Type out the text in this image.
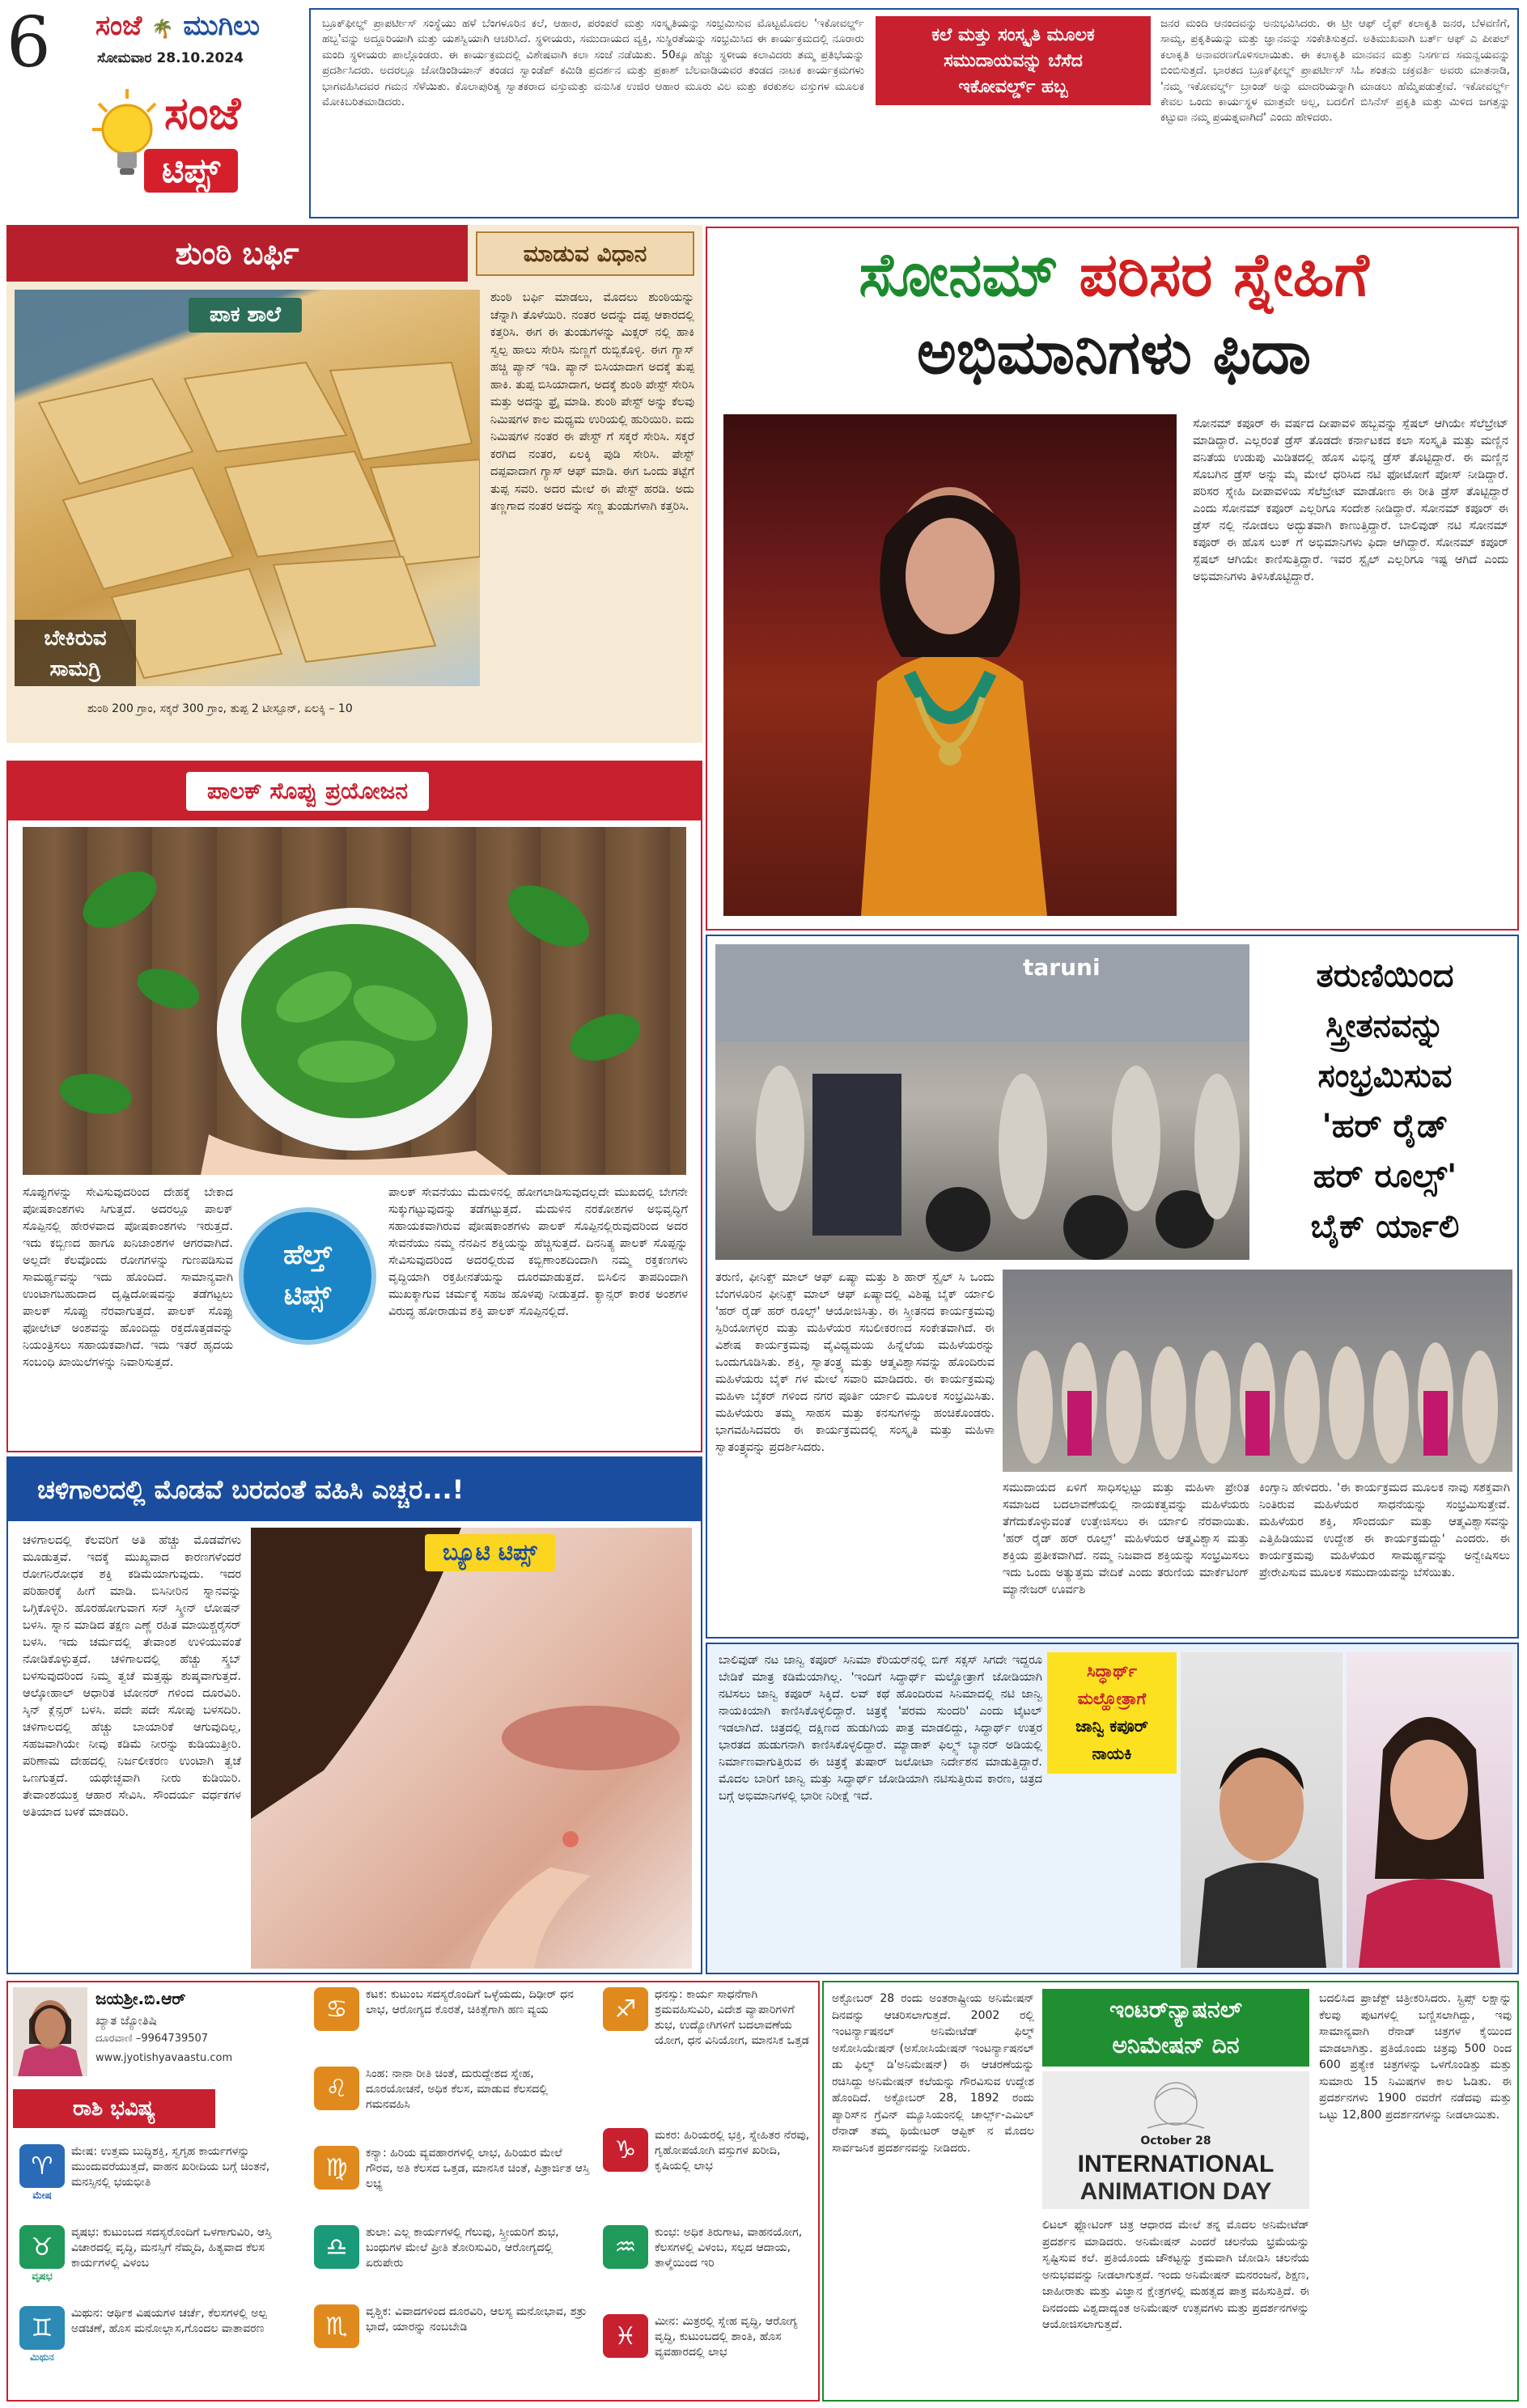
6 ಸಂಜೆ 🌴 ಮುಗಿಲು
ಸೋಮವಾರ 28.10.2024
ಸಂಜೆ
ಟಿಪ್ಸ್
ಬ್ರೂಕ್‌ಫೀಲ್ಡ್ ಪ್ರಾಪರ್ಟೀಸ್ ಸಂಸ್ಥೆಯು ಹಳೆ ಬೆಂಗಳೂರಿನ ಕಲೆ, ಆಹಾರ, ಪರಂಪರೆ ಮತ್ತು ಸಂಸ್ಕೃತಿಯನ್ನು ಸಂಭ್ರಮಿಸುವ ಮೊಟ್ಟಮೊದಲ 'ಇಕೋವರ್ಲ್ಡ್ ಹಬ್ಬ'ವನ್ನು ಅದ್ದೂರಿಯಾಗಿ ಮತ್ತು ಯಶಸ್ವಿಯಾಗಿ ಆಚರಿಸಿದೆ. ಸ್ಥಳೀಯರು, ಸಮುದಾಯದ ವ್ಯಕ್ತಿ, ಸುಸ್ಥಿರತೆಯನ್ನು ಸಂಭ್ರಮಿಸಿದ ಈ ಕಾರ್ಯಕ್ರಮದಲ್ಲಿ ನೂರಾರು ಮಂದಿ ಸ್ಥಳೀಯರು ಪಾಲ್ಗೊಂಡರು. ಈ ಕಾರ್ಯಕ್ರಮದಲ್ಲಿ ವಿಶೇಷವಾಗಿ ಕಲಾ ಸಂಜೆ ನಡೆಯಿತು. 50ಕ್ಕೂ ಹೆಚ್ಚು ಸ್ಥಳೀಯ ಕಲಾವಿದರು ತಮ್ಮ ಪ್ರತಿಭೆಯನ್ನು ಪ್ರದರ್ಶಿಸಿದರು. ಅದರಲ್ಲೂ ಜೋಡಿಂಡಿಯಾನ್ ತಂಡದ ಸ್ವಾಂಡೆಪ್ ಕಮಿಡಿ ಪ್ರದರ್ಶನ ಮತ್ತು ಪ್ರಕಾಶ್ ಬೆಲವಾಡಿಯವರ ತಂಡದ ನಾಟಕ ಕಾರ್ಯಕ್ರಮಗಳು ಭಾಗವಹಿಸಿದವರ ಗಮನ ಸೆಳೆಯಿತು. ಕೊಲಾಪುರಿತ್ಯ ಸ್ವಾತಕರಾದ ವಸ್ತುಮತ್ತು ವನುಸಿಕ ಉಜಿರ ಆಹಾರ ಮೂರು ವಿಲ ಮತ್ತು ಕರಕುಶಲ ವಸ್ತುಗಳ ಮೂಲಕ ಮೋಕಿಬರಿತಮಾಡಿದರು.
ಕಲೆ ಮತ್ತು ಸಂಸ್ಕೃತಿ ಮೂಲಕ
ಸಮುದಾಯವನ್ನು ಬೆಸೆದ
ಇಕೋವರ್ಲ್ಡ್ ಹಬ್ಬ
ಜನರ ಮಂದಿ ಆನಂದವನ್ನು ಅನುಭವಿಸಿದರು. ಈ ಟ್ರೀ ಆಫ್ ಲೈಫ್ ಕಲಾಕೃತಿ ಜನರ, ಬೆಳವಣಿಗೆ, ಸಾಮ್ಯ, ಪ್ರಕೃತಿಯನ್ನು ಮತ್ತು ಜ್ಞಾನವನ್ನು ಸಂಕೇತಿಸುತ್ತದೆ. ಅತಿಮುಖವಾಗಿ ಬರ್ತ್ ಆಫ್ ಎ ಪೀಪಲ್ ಕಲಾಕೃತಿ ಅನಾವರಣಗೊಳಿಸಲಾಯಿತು. ಈ ಕಲಾಕೃತಿ ಮಾನವನ ಮತ್ತು ನಿಸರ್ಗದ ಸಮನ್ವಯವನ್ನು ಬಿಂಬಿಸುತ್ತದೆ. ಭಾರತದ ಬ್ರೂಕ್‌ಫೀಲ್ಡ್ ಪ್ರಾಪರ್ಟೀಸ್ ಸಿಓ ಶಂತನು ಚಕ್ರವರ್ತಿ ಅವರು ಮಾತನಾಡಿ, 'ನಮ್ಮ ಇಕೋವರ್ಲ್ಡ್ ಬ್ರಾಂಡ್ ಅನ್ನು ಮಾದರಿಯನ್ನಾಗಿ ಮಾಡಲು ಹೆಮ್ಮೆಪಡುತ್ತೇವೆ. ಇಕೋವರ್ಲ್ಡ್ ಕೇವಲ ಒಂದು ಕಾರ್ಯಸ್ಥಳ ಮಾತ್ರವೇ ಅಲ್ಲ, ಬದಲಿಗೆ ಬಿಸಿನೆಸ್ ಪ್ರಕೃತಿ ಮತ್ತು ಮಿಳಿದ ಜಗತ್ತನ್ನು ಕಟ್ಟುವಾ ನಮ್ಮ ಪ್ರಯತ್ನವಾಗಿದೆ' ಎಂದು ಹೇಳಿದರು.
ಶುಂಠಿ ಬರ್ಫಿ	ಮಾಡುವ ವಿಧಾನ
ಪಾಕ ಶಾಲೆ
ಬೇಕಿರುವ
ಸಾಮಗ್ರಿ
ಶುಂಠಿ 200 ಗ್ರಾಂ, ಸಕ್ಕರೆ 300 ಗ್ರಾಂ, ತುಪ್ಪ 2 ಟೀಸ್ಪೂನ್, ಏಲಕ್ಕಿ – 10
ಶುಂಠಿ ಬರ್ಫಿ ಮಾಡಲು, ಮೊದಲು ಶುಂಠಿಯನ್ನು ಚೆನ್ನಾಗಿ ತೊಳೆಯಿರಿ. ನಂತರ ಅದನ್ನು ದಪ್ಪ ಆಕಾರದಲ್ಲಿ ಕತ್ತರಿಸಿ. ಈಗ ಈ ತುಂಡುಗಳನ್ನು ಮಿಕ್ಸರ್ ನಲ್ಲಿ ಹಾಕಿ ಸ್ವಲ್ಪ ಹಾಲು ಸೇರಿಸಿ ನುಣ್ಣಗೆ ರುಬ್ಬಿಕೊಳ್ಳಿ. ಈಗ ಗ್ಯಾಸ್ ಹಚ್ಚಿ ಪ್ಯಾನ್ ಇಡಿ. ಪ್ಯಾನ್ ಬಿಸಿಯಾದಾಗ ಅದಕ್ಕೆ ತುಪ್ಪ ಹಾಕಿ. ತುಪ್ಪ ಬಿಸಿಯಾದಾಗ, ಅದಕ್ಕೆ ಶುಂಠಿ ಪೇಸ್ಟ್ ಸೇರಿಸಿ ಮತ್ತು ಅದನ್ನು ಫ್ರೈ ಮಾಡಿ. ಶುಂಠಿ ಪೇಸ್ಟ್ ಅನ್ನು ಕೆಲವು ನಿಮಿಷಗಳ ಕಾಲ ಮಧ್ಯಮ ಉರಿಯಲ್ಲಿ ಹುರಿಯಿರಿ. ಐದು ನಿಮಿಷಗಳ ನಂತರ ಈ ಪೇಸ್ಟ್ ಗೆ ಸಕ್ಕರೆ ಸೇರಿಸಿ. ಸಕ್ಕರೆ ಕರಗಿದ ನಂತರ, ಏಲಕ್ಕಿ ಪುಡಿ ಸೇರಿಸಿ. ಪೇಸ್ಟ್ ದಪ್ಪವಾದಾಗ ಗ್ಯಾಸ್ ಆಫ್ ಮಾಡಿ. ಈಗ ಒಂದು ತಟ್ಟೆಗೆ ತುಪ್ಪ ಸವರಿ. ಅದರ ಮೇಲೆ ಈ ಪೇಸ್ಟ್ ಹರಡಿ. ಅದು ತಣ್ಣಗಾದ ನಂತರ ಅದನ್ನು ಸಣ್ಣ ತುಂಡುಗಳಾಗಿ ಕತ್ತರಿಸಿ.
ಸೋನಮ್ ಪರಿಸರ ಸ್ನೇಹಿಗೆ
ಅಭಿಮಾನಿಗಳು ಫಿದಾ
ಸೋನಮ್ ಕಪೂರ್ ಈ ವರ್ಷದ ದೀಪಾವಳಿ ಹಬ್ಬವನ್ನು ಸ್ಪೆಷಲ್ ಆಗಿಯೇ ಸೆಲೆಬ್ರೇಟ್ ಮಾಡಿದ್ದಾರೆ. ಎಲ್ಲರಂತೆ ಡ್ರೆಸ್ ತೊಡದೇ ಕರ್ನಾಟಕದ ಕಲಾ ಸಂಸ್ಕೃತಿ ಮತ್ತು ಮಣ್ಣಿನ ವನಿತೆಯ ಉಡುಪು ಮಿಡಿತದಲ್ಲಿ ಹೊಸ ವಿಭಿನ್ನ ಡ್ರೆಸ್ ತೊಟ್ಟಿದ್ದಾರೆ. ಈ ಮಣ್ಣಿನ ಸೊಬಗಿನ ಡ್ರೆಸ್ ಅನ್ನು ಮೈ ಮೇಲೆ ಧರಿಸಿದ ನಟಿ ಫೋಟೋಗೆ ಪೋಸ್ ನೀಡಿದ್ದಾರೆ. ಪರಿಸರ ಸ್ನೇಹಿ ದೀಪಾವಳಿಯ ಸೆಲೆಬ್ರೇಟ್ ಮಾಡೋಣ ಈ ರೀತಿ ಡ್ರೆಸ್ ತೊಟ್ಟಿದ್ದಾರೆ ಎಂದು ಸೋನಮ್ ಕಪೂರ್ ಎಲ್ಲರಿಗೂ ಸಂದೇಶ ನೀಡಿದ್ದಾರೆ. ಸೋನಮ್ ಕಪೂರ್ ಈ ಡ್ರೆಸ್ ನಲ್ಲಿ ನೋಡಲು ಅದ್ಭುತವಾಗಿ ಕಾಣುತ್ತಿದ್ದಾರೆ. ಬಾಲಿವುಡ್ ನಟಿ ಸೋನಮ್ ಕಪೂರ್ ಈ ಹೊಸ ಲುಕ್ ಗೆ ಅಭಿಮಾನಿಗಳು ಫಿದಾ ಆಗಿದ್ದಾರೆ. ಸೋನಮ್ ಕಪೂರ್ ಸ್ಪೆಷಲ್ ಆಗಿಯೇ ಕಾಣಿಸುತ್ತಿದ್ದಾರೆ. ಇವರ ಸ್ಟೈಲ್ ಎಲ್ಲರಿಗೂ ಇಷ್ಟ ಆಗಿದೆ ಎಂದು ಅಭಿಮಾನಿಗಳು ತಿಳಿಸಿಕೊಟ್ಟಿದ್ದಾರೆ.
ಪಾಲಕ್ ಸೊಪ್ಪು ಪ್ರಯೋಜನ
ಸೊಪ್ಪುಗಳನ್ನು ಸೇವಿಸುವುದರಿಂದ ದೇಹಕ್ಕೆ ಬೇಕಾದ ಪೋಷಕಾಂಶಗಳು ಸಿಗುತ್ತದೆ. ಅದರಲ್ಲೂ ಪಾಲಕ್ ಸೊಪ್ಪಿನಲ್ಲಿ ಹೇರಳವಾದ ಪೋಷಕಾಂಶಗಳು ಇರುತ್ತದೆ. ಇದು ಕಬ್ಬಿಣದ ಹಾಗೂ ಖನಿಜಾಂಶಗಳ ಆಗರವಾಗಿದೆ. ಅಲ್ಲದೇ ಕೆಲವೊಂದು ರೋಗಗಳನ್ನು ಗುಣಪಡಿಸುವ ಸಾಮರ್ಥ್ಯವನ್ನು ಇದು ಹೊಂದಿದೆ. ಸಾಮಾನ್ಯವಾಗಿ ಉಂಟಾಗಬಹುದಾದ ದೃಷ್ಟಿದೋಷವನ್ನು ತಡೆಗಟ್ಟಲು ಪಾಲಕ್ ಸೊಪ್ಪು ನೆರವಾಗುತ್ತದೆ. ಪಾಲಕ್ ಸೊಪ್ಪು ಫೋಲೇಟ್ ಅಂಶವನ್ನು ಹೊಂದಿದ್ದು ರಕ್ತದೊತ್ತಡವನ್ನು ನಿಯಂತ್ರಿಸಲು ಸಹಾಯಕವಾಗಿದೆ. ಇದು ಇತರೆ ಹೃದಯ ಸಂಬಂಧಿ ಖಾಯಿಲೆಗಳನ್ನು ನಿವಾರಿಸುತ್ತದೆ.
ಹೆಲ್ತ್
ಟಿಪ್ಸ್
ಪಾಲಕ್ ಸೇವನೆಯು ಮೆದುಳಿನಲ್ಲಿ ಹೋಗಲಾಡಿಸುವುದಲ್ಲದೇ ಮುಖದಲ್ಲಿ ಬೇಗನೇ ಸುಕ್ಕುಗಟ್ಟುವುದನ್ನು ತಡೆಗಟ್ಟುತ್ತದೆ. ಮೆದುಳಿನ ನರಕೋಶಗಳ ಅಭಿವೃದ್ಧಿಗೆ ಸಹಾಯಕವಾಗಿರುವ ಪೋಷಕಾಂಶಗಳು ಪಾಲಕ್ ಸೊಪ್ಪಿನಲ್ಲಿರುವುದರಿಂದ ಅದರ ಸೇವನೆಯು ನಮ್ಮ ನೆನಪಿನ ಶಕ್ತಿಯನ್ನು ಹೆಚ್ಚಿಸುತ್ತದೆ. ದಿನನಿತ್ಯ ಪಾಲಕ್ ಸೊಪ್ಪನ್ನು ಸೇವಿಸುವುದರಿಂದ ಅದರಲ್ಲಿರುವ ಕಬ್ಬಿಣಾಂಶದಿಂದಾಗಿ ನಮ್ಮ ರಕ್ತಕಣಗಳು ವೃದ್ಧಿಯಾಗಿ ರಕ್ತಹೀನತೆಯನ್ನು ದೂರಮಾಡುತ್ತದೆ. ಬಿಸಿಲಿನ ತಾಪದಿಂದಾಗಿ ಮುಖಕ್ಕಾಗುವ ಚರ್ಮಕ್ಕೆ ಸಹಜ ಹೊಳಪು ನೀಡುತ್ತದೆ. ಕ್ಯಾನ್ಸರ್ ಕಾರಕ ಅಂಶಗಳ ವಿರುದ್ಧ ಹೋರಾಡುವ ಶಕ್ತಿ ಪಾಲಕ್ ಸೊಪ್ಪಿನಲ್ಲಿದೆ.
taruni	ತರುಣಿಯಿಂದ
ಸ್ತ್ರೀತನವನ್ನು
ಸಂಭ್ರಮಿಸುವ
'ಹರ್ ರೈಡ್
ಹರ್ ರೂಲ್ಸ್'
ಬೈಕ್ ರ್ಯಾಲಿ
ತರುಣಿ, ಫೀನಿಕ್ಸ್ ಮಾಲ್ ಆಫ್ ಏಷ್ಯಾ ಮತ್ತು ಶಿ ಹಾರ್ ಸ್ಟೈಲ್ ಸಿ ಒಂದು ಬೆಂಗಳೂರಿನ ಫೀನಿಕ್ಸ್ ಮಾಲ್ ಆಫ್ ಏಷ್ಯಾದಲ್ಲಿ ವಿಶಿಷ್ಟ ಬೈಕ್ ರ್ಯಾಲಿ 'ಹರ್ ರೈಡ್ ಹರ್ ರೂಲ್ಸ್' ಆಯೋಜಿಸಿತ್ತು. ಈ ಸ್ತ್ರೀತನದ ಕಾರ್ಯಕ್ರಮವು ಸ್ಪಿರಿಯೋಗಳ್ಳರ ಮತ್ತು ಮಹಿಳೆಯರ ಸಬಲೀಕರಣದ ಸಂಕೇತವಾಗಿದೆ. ಈ ವಿಶೇಷ ಕಾರ್ಯಕ್ರಮವು ವೈವಿಧ್ಯಮಯ ಹಿನ್ನೆಲೆಯ ಮಹಿಳೆಯರನ್ನು ಒಂದುಗೂಡಿಸಿತು. ಶಕ್ತಿ, ಸ್ವಾತಂತ್ರ್ಯ ಮತ್ತು ಆತ್ಮವಿಶ್ವಾಸವನ್ನು ಹೊಂದಿರುವ ಮಹಿಳೆಯರು ಬೈಕ್ ಗಳ ಮೇಲೆ ಸವಾರಿ ಮಾಡಿದರು. ಈ ಕಾರ್ಯಕ್ರಮವು ಮಹಿಳಾ ಬೈಕರ್ ಗಳಿಂದ ನಗರ ಪೂರ್ತಿ ರ್ಯಾಲಿ ಮೂಲಕ ಸಂಭ್ರಮಿಸಿತು. ಮಹಿಳೆಯರು ತಮ್ಮ ಸಾಹಸ ಮತ್ತು ಕನಸುಗಳನ್ನು ಹಂಚಿಕೊಂಡರು. ಭಾಗವಹಿಸಿದವರು ಈ ಕಾರ್ಯಕ್ರಮದಲ್ಲಿ ಸಂಸ್ಕೃತಿ ಮತ್ತು ಮಹಿಳಾ ಸ್ವಾತಂತ್ರ್ಯವನ್ನು ಪ್ರದರ್ಶಿಸಿದರು.
ಸಮುದಾಯದ ಏಳಿಗೆ ಸಾಧಿಸಲ್ಪಟ್ಟು ಮತ್ತು ಮಹಿಳಾ ಪ್ರೇರಿತ ಸಮಾಜದ ಬದಲಾವಣೆಯಲ್ಲಿ ನಾಯಕತ್ವವನ್ನು ಮಹಿಳೆಯರು ತೆಗೆದುಕೊಳ್ಳುವಂತೆ ಉತ್ತೇಜಿಸಲು ಈ ರ್ಯಾಲಿ ನೆರವಾಯಿತು. 'ಹರ್ ರೈಡ್ ಹರ್ ರೂಲ್ಸ್' ಮಹಿಳೆಯರ ಆತ್ಮವಿಶ್ವಾಸ ಮತ್ತು ಶಕ್ತಿಯ ಪ್ರತೀಕವಾಗಿದೆ. ನಮ್ಮ ನಿಜವಾದ ಶಕ್ತಿಯನ್ನು ಸಂಭ್ರಮಿಸಲು ಇದು ಒಂದು ಅತ್ಯುತ್ತಮ ವೇದಿಕೆ ಎಂದು ತರುಣಿಯ ಮಾರ್ಕೆಟಿಂಗ್ ಮ್ಯಾನೇಜರ್ ಊರ್ವಶಿ
ಕಿಂಗ್ಸಾನಿ ಹೇಳಿದರು. 'ಈ ಕಾರ್ಯಕ್ರಮದ ಮೂಲಕ ನಾವು ಸಶಕ್ತವಾಗಿ ನಿಂತಿರುವ ಮಹಿಳೆಯರ ಸಾಧನೆಯನ್ನು ಸಂಭ್ರಮಿಸುತ್ತೇವೆ. ಮಹಿಳೆಯರ ಶಕ್ತಿ, ಸೌಂದರ್ಯ ಮತ್ತು ಆತ್ಮವಿಶ್ವಾಸವನ್ನು ಎತ್ತಿಹಿಡಿಯುವ ಉದ್ದೇಶ ಈ ಕಾರ್ಯಕ್ರಮದ್ದು' ಎಂದರು. ಈ ಕಾರ್ಯಕ್ರಮವು ಮಹಿಳೆಯರ ಸಾಮರ್ಥ್ಯವನ್ನು ಅನ್ವೇಷಿಸಲು ಪ್ರೇರೇಪಿಸುವ ಮೂಲಕ ಸಮುದಾಯವನ್ನು ಬೆಸೆಯಿತು.
ಚಳಿಗಾಲದಲ್ಲಿ ಮೊಡವೆ ಬರದಂತೆ ವಹಿಸಿ ಎಚ್ಚರ...!
ಚಳಿಗಾಲದಲ್ಲಿ ಕೆಲವರಿಗೆ ಅತಿ ಹೆಚ್ಚು ಮೊಡವೆಗಳು ಮೂಡುತ್ತವೆ. ಇದಕ್ಕೆ ಮುಖ್ಯವಾದ ಕಾರಣಗಳೆಂದರೆ ರೋಗನಿರೋಧಕ ಶಕ್ತಿ ಕಡಿಮೆಯಾಗುವುದು. ಇದರ ಪರಿಹಾರಕ್ಕೆ ಹೀಗೆ ಮಾಡಿ. ಬಿಸಿನೀರಿನ ಸ್ನಾನವನ್ನು ಒಗ್ಗಿಕೊಳ್ಳಿರಿ. ಹೊರಹೋಗುವಾಗ ಸನ್ ಸ್ಕ್ರೀನ್ ಲೋಷನ್ ಬಳಸಿ. ಸ್ನಾನ ಮಾಡಿದ ತಕ್ಷಣ ಎಣ್ಣೆ ರಹಿತ ಮಾಯಿಶ್ಚರೈಸರ್ ಬಳಸಿ. ಇದು ಚರ್ಮದಲ್ಲಿ ತೇವಾಂಶ ಉಳಿಯುವಂತೆ ನೋಡಿಕೊಳ್ಳುತ್ತದೆ. ಚಳಿಗಾಲದಲ್ಲಿ ಹೆಚ್ಚು ಸ್ಕ್ರಬ್ ಬಳಸುವುದರಿಂದ ನಿಮ್ಮ ತ್ವಚೆ ಮತ್ತಷ್ಟು ಶುಷ್ಕವಾಗುತ್ತದೆ. ಆಲ್ಕೋಹಾಲ್ ಆಧಾರಿತ ಟೋನರ್ ಗಳಿಂದ ದೂರವಿರಿ. ಸ್ಕಿನ್ ಕ್ಲೆನ್ಸರ್ ಬಳಸಿ. ಪದೇ ಪದೇ ಸೋಪು ಬಳಸದಿರಿ. ಚಳಿಗಾಲದಲ್ಲಿ ಹೆಚ್ಚು ಬಾಯಾರಿಕೆ ಆಗುವುದಿಲ್ಲ, ಸಹಜವಾಗಿಯೇ ನೀವು ಕಡಿಮೆ ನೀರನ್ನು ಕುಡಿಯುತ್ತೀರಿ. ಪರಿಣಾಮ ದೇಹದಲ್ಲಿ ನಿರ್ಜಲೀಕರಣ ಉಂಟಾಗಿ ತ್ವಚೆ ಒಣಗುತ್ತದೆ. ಯಥೇಚ್ಛವಾಗಿ ನೀರು ಕುಡಿಯಿರಿ. ತೇವಾಂಶಯುಕ್ತ ಆಹಾರ ಸೇವಿಸಿ. ಸೌಂದರ್ಯ ವರ್ಧಕಗಳ ಅತಿಯಾದ ಬಳಕೆ ಮಾಡದಿರಿ.
ಬ್ಯೂಟಿ ಟಿಪ್ಸ್
ಬಾಲಿವುಡ್ ನಟ ಜಾನ್ವಿ ಕಪೂರ್ ಸಿನಿಮಾ ಕೆರಿಯರ್‌ನಲ್ಲಿ ಬಿಗ್ ಸಕ್ಸಸ್ ಸಿಗದೇ ಇದ್ದರೂ ಬೇಡಿಕೆ ಮಾತ್ರ ಕಡಿಮೆಯಾಗಿಲ್ಲ. 'ಇಂದಿಗೆ ಸಿದ್ಧಾರ್ಥ್ ಮಲ್ಹೋತ್ರಾಗೆ ಜೋಡಿಯಾಗಿ ನಟಿಸಲು ಜಾನ್ವಿ ಕಪೂರ್ ಸಿಕ್ಕಿದೆ. ಲವ್ ಕಥೆ ಹೊಂದಿರುವ ಸಿನಿಮಾದಲ್ಲಿ ನಟಿ ಜಾನ್ವಿ ನಾಯಕಿಯಾಗಿ ಕಾಣಿಸಿಕೊಳ್ಳಲಿದ್ದಾರೆ. ಚಿತ್ರಕ್ಕೆ 'ಪರಮ ಸುಂದರಿ' ಎಂದು ಟೈಟಲ್ ಇಡಲಾಗಿದೆ. ಚಿತ್ರದಲ್ಲಿ ದಕ್ಷಿಣದ ಹುಡುಗಿಯ ಪಾತ್ರ ಮಾಡಲಿದ್ದು, ಸಿದ್ಧಾರ್ಥ್ ಉತ್ತರ ಭಾರತದ ಹುಡುಗನಾಗಿ ಕಾಣಿಸಿಕೊಳ್ಳಲಿದ್ದಾರೆ. ಮ್ಯಾಡಾಕ್ ಫಿಲ್ಮ್ಸ್ ಬ್ಯಾನರ್ ಅಡಿಯಲ್ಲಿ ನಿರ್ಮಾಣವಾಗುತ್ತಿರುವ ಈ ಚಿತ್ರಕ್ಕೆ ತುಷಾರ್ ಜಲೋಟಾ ನಿರ್ದೇಶನ ಮಾಡುತ್ತಿದ್ದಾರೆ. ಮೊದಲ ಬಾರಿಗೆ ಜಾನ್ವಿ ಮತ್ತು ಸಿದ್ಧಾರ್ಥ್ ಜೋಡಿಯಾಗಿ ನಟಿಸುತ್ತಿರುವ ಕಾರಣ, ಚಿತ್ರದ ಬಗ್ಗೆ ಅಭಿಮಾನಿಗಳಲ್ಲಿ ಭಾರೀ ನಿರೀಕ್ಷೆ ಇದೆ.
ಸಿದ್ಧಾರ್ಥ್
ಮಲ್ಹೋತ್ರಾಗೆ
ಜಾನ್ವಿ ಕಪೂರ್
ನಾಯಕಿ
ಜಯಶ್ರೀ.ಬಿ.ಆರ್
ಖ್ಯಾತ ಜ್ಯೋತಿಷಿ
ದೂರವಾಣಿ –9964739507
www.jyotishyavaastu.com
ರಾಶಿ ಭವಿಷ್ಯ
♈
ಮೇಷ
ಮೇಷ: ಉತ್ತಮ ಬುದ್ಧಿಶಕ್ತಿ, ಸ್ವಗೃಹ ಕಾರ್ಯಗಳನ್ನು ಮುಂದುವರೆಯುತ್ತದೆ, ವಾಹನ ಖರೀದಿಯ ಬಗ್ಗೆ ಚಿಂತನೆ, ಮನಸ್ಸಿನಲ್ಲಿ ಭಯಭೀತಿ
♉
ವೃಷಭ
ವೃಷಭ: ಕುಟುಂಬದ ಸದಸ್ಯರೊಂದಿಗೆ ಒಳಗಾಗುವಿರಿ, ಆಸ್ತಿ ವಿಚಾರದಲ್ಲಿ ವೃದ್ಧಿ, ಮನಸ್ಸಿಗೆ ನೆಮ್ಮದಿ, ಹಿತ್ಯವಾದ ಕೆಲಸ ಕಾರ್ಯಗಳಲ್ಲಿ ವಿಳಂಬ
♊
ಮಿಥುನ
ಮಿಥುನ: ಆರ್ಥಿಕ ವಿಷಯಗಳ ಚರ್ಚೆ, ಕೆಲಸಗಳಲ್ಲಿ ಅಲ್ಪ ಅಡಚಣೆ, ಹೊಸ ಮನೋಲ್ಲಾಸ,ಗೊಂದಲ ವಾತಾವರಣ
♋
ಕಟಕ: ಕುಟುಂಬ ಸದಸ್ಯರೊಂದಿಗೆ ಒಳ್ಳೆಯದು, ದಿಢೀರ್ ಧನ ಲಾಭ, ಆರೋಗ್ಯದ ಕೊರತೆ, ಚಿಕಿತ್ಸೆಗಾಗಿ ಹಣ ವ್ಯಯ
♌
ಸಿಂಹ: ನಾನಾ ರೀತಿ ಚಿಂತೆ, ದುರುದ್ದೇಶದ ಸ್ನೇಹ, ದೂರಯೋಚನೆ, ಅಧಿಕ ಕೆಲಸ, ಮಾಡುವ ಕೆಲಸದಲ್ಲಿ ಗಮನವಹಿಸಿ
♍
ಕನ್ಯಾ: ಹಿರಿಯ ವ್ಯವಹಾರಗಳಲ್ಲಿ ಲಾಭ, ಹಿರಿಯರ ಮೇಲೆ ಗೌರವ, ಅತಿ ಕೆಲಸದ ಒತ್ತಡ, ಮಾನಸಿಕ ಚಿಂತೆ, ಪಿತ್ರಾರ್ಜಿತ ಆಸ್ತಿ ಲಭ್ಯ
♎
ತುಲಾ: ಎಲ್ಲ ಕಾರ್ಯಗಳಲ್ಲಿ ಗೆಲುವು, ಸ್ತ್ರೀಯರಿಗೆ ಶುಭ, ಬಂಧುಗಳ ಮೇಲೆ ಪ್ರೀತಿ ತೋರಿಸುವಿರಿ, ಆರೋಗ್ಯದಲ್ಲಿ ಏರುಪೇರು
♏
ವೃಶ್ಚಿಕ: ವಿವಾದಗಳಿಂದ ದೂರವಿರಿ, ಆಲಸ್ಯ ಮನೋಭಾವ, ಶತ್ರು ಭಾದೆ, ಯಾರನ್ನು ನಂಬಬೇಡಿ
♐
ಧನಸ್ಸು: ಕಾರ್ಯ ಸಾಧನೆಗಾಗಿ ಶ್ರಮವಹಿಸುವಿರಿ, ವಿದೇಶ ವ್ಯಾಪಾರಿಗಳಿಗೆ ಶುಭ, ಉದ್ಯೋಗಿಗಳಿಗೆ ಬದಲಾವಣೆಯ ಯೋಗ, ಧನ ವಿನಿಯೋಗ, ಮಾನಸಿಕ ಒತ್ತಡ
♑
ಮಕರ: ಹಿರಿಯರಲ್ಲಿ ಭಕ್ತಿ, ಸ್ನೇಹಿತರ ನೆರವು, ಗೃಹೋಪಯೋಗಿ ವಸ್ತುಗಳ ಖರೀದಿ, ಕೃಷಿಯಲ್ಲಿ ಲಾಭ
♒
ಕುಂಭ: ಅಧಿಕ ತಿರುಗಾಟ, ವಾಹನಯೋಗ, ಕೆಲಸಗಳಲ್ಲಿ ವಿಳಂಬ, ಸಲ್ಪದ ಆದಾಯ, ತಾಳ್ಮೆಯಿಂದ ಇರಿ
♓
ಮೀನ: ಮಿತ್ರರಲ್ಲಿ ಸ್ನೇಹ ವೃದ್ಧಿ, ಆರೋಗ್ಯ ವೃದ್ಧಿ, ಕುಟುಂಬದಲ್ಲಿ ಶಾಂತಿ, ಹೊಸ ವ್ಯವಹಾರದಲ್ಲಿ ಲಾಭ
ಅಕ್ಟೋಬರ್ 28 ರಂದು ಅಂತರಾಷ್ಟ್ರೀಯ ಅನಿಮೇಷನ್ ದಿನವನ್ನು ಆಚರಿಸಲಾಗುತ್ತದೆ. 2002 ರಲ್ಲಿ ಇಂಟರ್ನ್ಯಾಷನಲ್ ಅನಿಮೇಟೆಡ್ ಫಿಲ್ಮ್ ಅಸೋಸಿಯೇಷನ್ (ಅಸೋಸಿಯೇಷನ್ ಇಂಟರ್ನ್ಯಾಷನಲ್ ಡು ಫಿಲ್ಮ್ ಡಿ'ಅನಿಮೇಷನ್) ಈ ಆಚರಣೆಯನ್ನು ರಚಿಸಿದ್ದು ಅನಿಮೇಷನ್ ಕಲೆಯನ್ನು ಗೌರವಿಸುವ ಉದ್ದೇಶ ಹೊಂದಿದೆ. ಅಕ್ಟೋಬರ್ 28, 1892 ರಂದು ಪ್ಯಾರಿಸ್‌ನ ಗ್ರೆವಿನ್ ಮ್ಯೂಸಿಯಂನಲ್ಲಿ ಚಾರ್ಲ್ಸ್-ಎಮಿಲ್ ರೆನಾಡ್ ತಮ್ಮ ಥಿಯೇಟರ್ ಆಪ್ಟಿಕ್ ನ ಮೊದಲ ಸಾರ್ವಜನಿಕ ಪ್ರದರ್ಶನವನ್ನು ನೀಡಿದರು.
ಇಂಟರ್‌ನ್ಯಾಷನಲ್
ಅನಿಮೇಷನ್ ದಿನ
October 28
INTERNATIONAL
ANIMATION DAY
ಲಿಟಲ್ ಫ್ಲೋಟಿಂಗ್ ಚಿತ್ರ ಆಧಾರದ ಮೇಲೆ ತನ್ನ ಮೊದಲ ಅನಿಮೇಟೆಡ್ ಪ್ರದರ್ಶನ ಮಾಡಿದರು. ಅನಿಮೇಷನ್ ಎಂದರೆ ಚಲನೆಯ ಭ್ರಮೆಯನ್ನು ಸೃಷ್ಟಿಸುವ ಕಲೆ. ಪ್ರತಿಯೊಂದು ಚೌಕಟ್ಟನ್ನು ಕ್ರಮವಾಗಿ ಜೋಡಿಸಿ ಚಲನೆಯ ಅನುಭವವನ್ನು ನೀಡಲಾಗುತ್ತದೆ. ಇಂದು ಅನಿಮೇಷನ್ ಮನರಂಜನೆ, ಶಿಕ್ಷಣ, ಜಾಹೀರಾತು ಮತ್ತು ವಿಜ್ಞಾನ ಕ್ಷೇತ್ರಗಳಲ್ಲಿ ಮಹತ್ವದ ಪಾತ್ರ ವಹಿಸುತ್ತಿದೆ. ಈ ದಿನದಂದು ವಿಶ್ವದಾದ್ಯಂತ ಅನಿಮೇಷನ್ ಉತ್ಸವಗಳು ಮತ್ತು ಪ್ರದರ್ಶನಗಳನ್ನು ಆಯೋಜಿಸಲಾಗುತ್ತದೆ.
ಬದಲಿಸಿದ ಪ್ರಾಜೆಕ್ಟ್ ಚಿತ್ರೀಕರಿಸಿದರು. ಸ್ಟ್ರಿಪ್ಸ್ ಲಕ್ಷಾನ್ನು ಕೆಲವು ಪುಟಗಳಲ್ಲಿ ಬಣ್ಣಿಸಲಾಗಿದ್ದು, ಇವು ಸಾಮಾನ್ಯವಾಗಿ ರೆನಾಡ್ ಚಿತ್ರಗಳ ಕೈಯಿಂದ ಮಾಡಲಾಗಿತ್ತು. ಪ್ರತಿಯೊಂದು ಚಿತ್ರವು 500 ರಿಂದ 600 ಪ್ರತ್ಯೇಕ ಚಿತ್ರಗಳನ್ನು ಒಳಗೊಂಡಿತ್ತು ಮತ್ತು ಸುಮಾರು 15 ನಿಮಿಷಗಳ ಕಾಲ ಓಡಿತು. ಈ ಪ್ರದರ್ಶನಗಳು 1900 ರವರೆಗೆ ನಡೆದವು ಮತ್ತು ಒಟ್ಟು 12,800 ಪ್ರದರ್ಶನಗಳನ್ನು ನೀಡಲಾಯಿತು.
